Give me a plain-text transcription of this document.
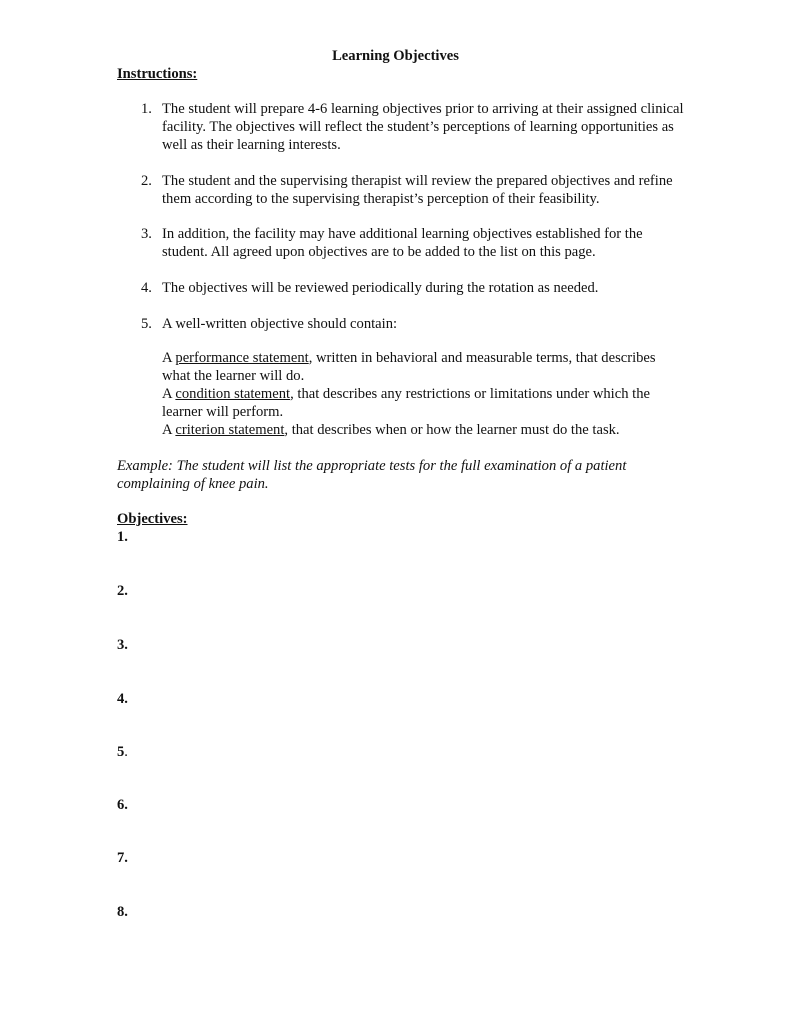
Learning Objectives
Instructions:
1. The student will prepare 4-6 learning objectives prior to arriving at their assigned clinical facility. The objectives will reflect the student’s perceptions of learning opportunities as well as their learning interests.
2. The student and the supervising therapist will review the prepared objectives and refine them according to the supervising therapist’s perception of their feasibility.
3. In addition, the facility may have additional learning objectives established for the student. All agreed upon objectives are to be added to the list on this page.
4. The objectives will be reviewed periodically during the rotation as needed.
5. A well-written objective should contain:

A performance statement, written in behavioral and measurable terms, that describes what the learner will do.

A condition statement, that describes any restrictions or limitations under which the learner will perform.

A criterion statement, that describes when or how the learner must do the task.

Example: The student will list the appropriate tests for the full examination of a patient complaining of knee pain.
Objectives:
1.
2.
3.
4.
5.
6.
7.
8.
